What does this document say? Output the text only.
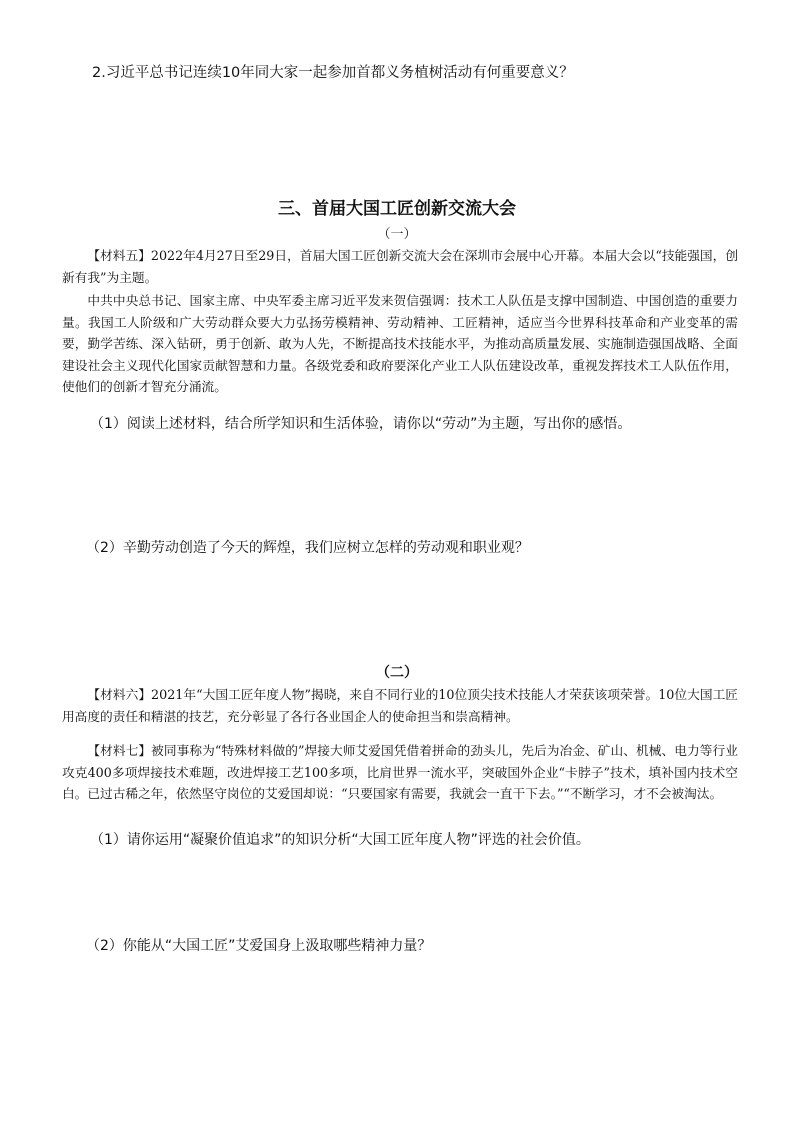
2.习近平总书记连续10年同大家一起参加首都义务植树活动有何重要意义？
三、首届大国工匠创新交流大会
（一）
【材料五】2022年4月27日至29日，首届大国工匠创新交流大会在深圳市会展中心开幕。本届大会以“技能强国，创新有我”为主题。
中共中央总书记、国家主席、中央军委主席习近平发来贺信强调：技术工人队伍是支撑中国制造、中国创造的重要力量。我国工人阶级和广大劳动群众要大力弘扬劳模精神、劳动精神、工匠精神，适应当今世界科技革命和产业变革的需要，勤学苦练、深入钻研，勇于创新、敢为人先，不断提高技术技能水平，为推动高质量发展、实施制造强国战略、全面建设社会主义现代化国家贡献智慧和力量。各级党委和政府要深化产业工人队伍建设改革，重视发挥技术工人队伍作用，使他们的创新才智充分涌流。
（1）阅读上述材料，结合所学知识和生活体验，请你以“劳动”为主题，写出你的感悟。
（2）辛勤劳动创造了今天的辉煌，我们应树立怎样的劳动观和职业观？
（二）
【材料六】2021年“大国工匠年度人物”揭晓，来自不同行业的10位顶尖技术技能人才荣获该项荣誉。10位大国工匠用高度的责任和精湛的技艺，充分彰显了各行各业国企人的使命担当和崇高精神。
【材料七】被同事称为“特殊材料做的”焊接大师艾爱国凭借着拼命的劲头儿，先后为冶金、矿山、机械、电力等行业攻克400多项焊接技术难题，改进焊接工艺100多项，比肩世界一流水平，突破国外企业“卡脖子”技术，填补国内技术空白。已过古稀之年，依然坚守岗位的艾爱国却说：“只要国家有需要，我就会一直干下去。”“不断学习，才不会被淘汰。
（1）请你运用“凝聚价值追求”的知识分析“大国工匠年度人物”评选的社会价值。
（2）你能从“大国工匠”艾爱国身上汲取哪些精神力量？
